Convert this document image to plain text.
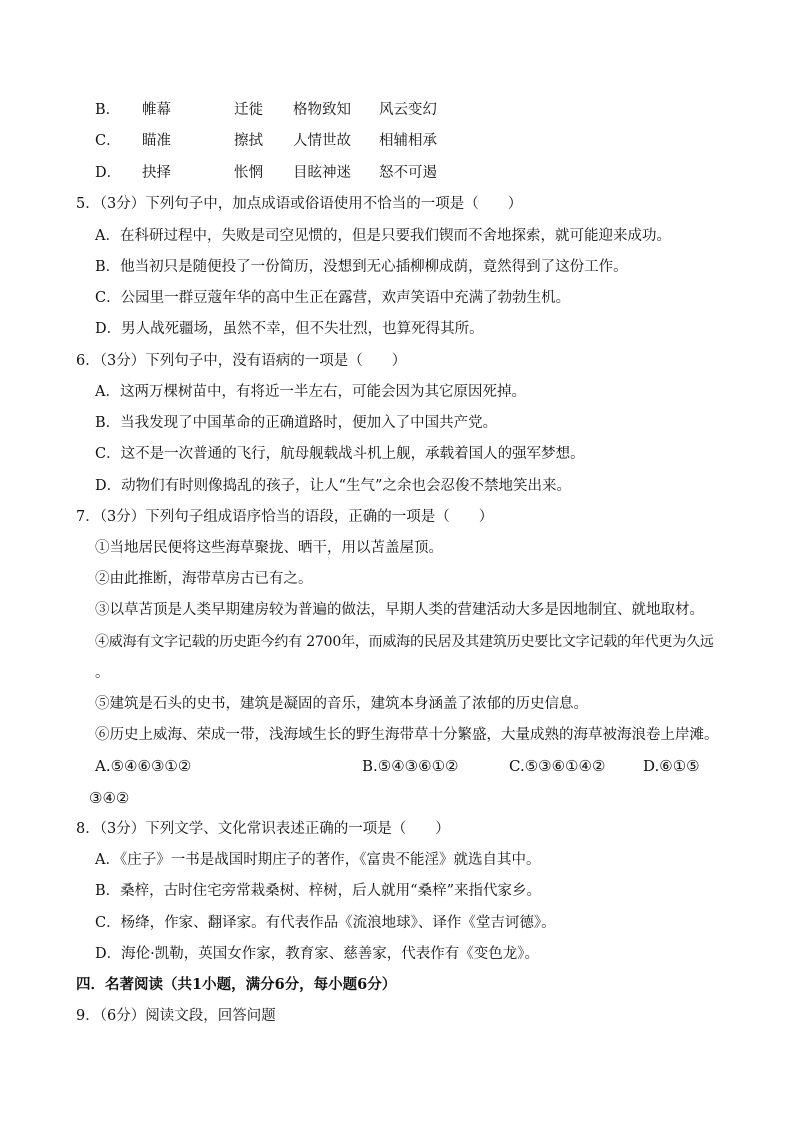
B． 帷幕	迁徙 格物致知 风云变幻
C． 瞄准	擦拭 人情世故 相辅相承
D． 抉择	怅惘 目眩神迷 怒不可遏
5．（3分）下列句子中，加点成语或俗语使用不恰当的一项是（　　）
A．在科研过程中，失败是司空见惯的，但是只要我们锲而不舍地探索，就可能迎来成功。
B．他当初只是随便投了一份简历，没想到无心插柳柳成荫，竟然得到了这份工作。
C．公园里一群豆蔻年华的高中生正在露营，欢声笑语中充满了勃勃生机。
D．男人战死疆场，虽然不幸，但不失壮烈，也算死得其所。
6．（3分）下列句子中，没有语病的一项是（　　）
A．这两万棵树苗中，有将近一半左右，可能会因为其它原因死掉。
B．当我发现了中国革命的正确道路时，便加入了中国共产党。
C．这不是一次普通的飞行，航母舰载战斗机上舰，承载着国人的强军梦想。
D．动物们有时则像捣乱的孩子，让人“生气”之余也会忍俊不禁地笑出来。
7．（3分）下列句子组成语序恰当的语段，正确的一项是（　　）
①当地居民便将这些海草聚拢、晒干，用以苫盖屋顶。
②由此推断，海带草房古已有之。
③以草苫顶是人类早期建房较为普遍的做法，早期人类的营建活动大多是因地制宜、就地取材。
④威海有文字记载的历史距今约有 2700年，而威海的民居及其建筑历史要比文字记载的年代更为久远
。
⑤建筑是石头的史书，建筑是凝固的音乐，建筑本身涵盖了浓郁的历史信息。
⑥历史上威海、荣成一带，浅海域生长的野生海带草十分繁盛，大量成熟的海草被海浪卷上岸滩。
A.⑤④⑥③①②	B.⑤④③⑥①②	C.⑤③⑥①④②	D.⑥①⑤
③④②
8．（3分）下列文学、文化常识表述正确的一项是（　　）
A．《庄子》一书是战国时期庄子的著作，《富贵不能淫》就选自其中。
B．桑梓，古时住宅旁常栽桑树、梓树，后人就用“桑梓”来指代家乡。
C．杨绛，作家、翻译家。有代表作品《流浪地球》、译作《堂吉诃德》。
D．海伦·凯勒，英国女作家，教育家、慈善家，代表作有《变色龙》。
四．名著阅读（共1小题，满分6分，每小题6分）
9．（6分）阅读文段，回答问题
